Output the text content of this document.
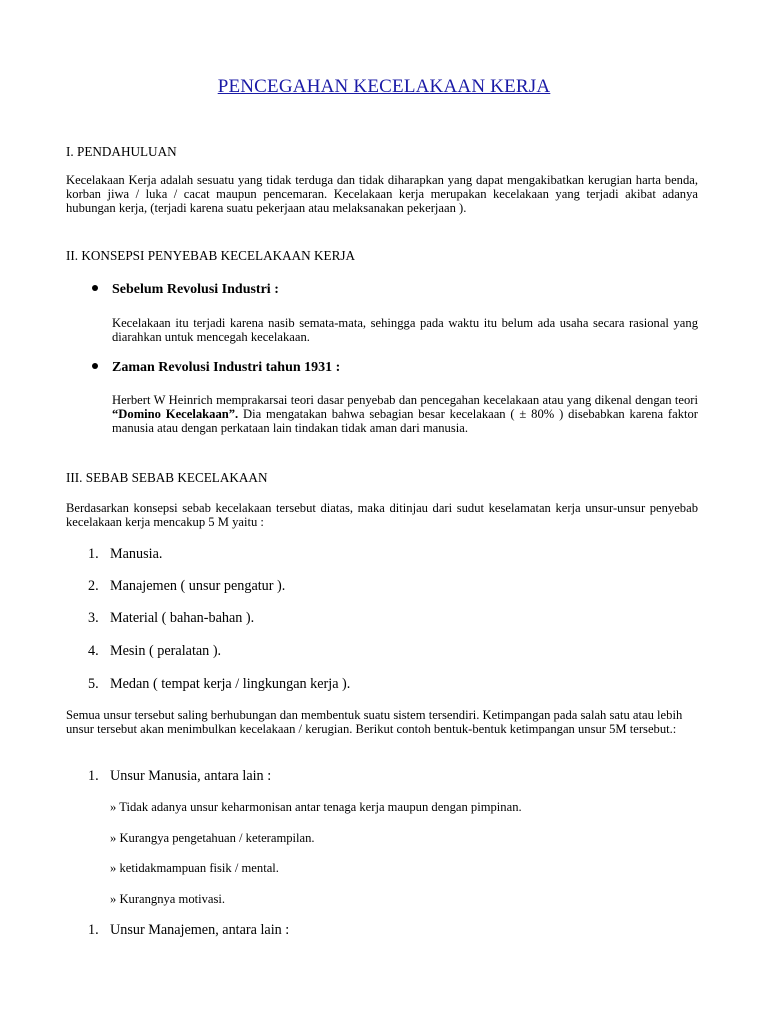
PENCEGAHAN KECELAKAAN KERJA
I. PENDAHULUAN

Kecelakaan Kerja adalah sesuatu yang tidak terduga dan tidak diharapkan yang dapat mengakibatkan kerugian harta benda, korban jiwa / luka / cacat maupun pencemaran. Kecelakaan kerja merupakan kecelakaan yang terjadi akibat adanya hubungan kerja, (terjadi karena suatu pekerjaan atau melaksanakan pekerjaan ).

II. KONSEPSI PENYEBAB KECELAKAAN KERJA
Sebelum Revolusi Industri :

Kecelakaan itu terjadi karena nasib semata-mata, sehingga pada waktu itu belum ada usaha secara rasional yang diarahkan untuk mencegah kecelakaan.

Zaman Revolusi Industri tahun 1931 :

Herbert W Heinrich memprakarsai teori dasar penyebab dan pencegahan kecelakaan atau yang dikenal dengan teori “Domino Kecelakaan”. Dia mengatakan bahwa sebagian besar kecelakaan ( ± 80% ) disebabkan karena faktor manusia atau dengan perkataan lain tindakan tidak aman dari manusia.

III. SEBAB SEBAB KECELAKAAN

Berdasarkan konsepsi sebab kecelakaan tersebut diatas, maka ditinjau dari sudut keselamatan kerja unsur-unsur penyebab kecelakaan kerja mencakup 5 M yaitu :

1. Manusia.
2. Manajemen ( unsur pengatur ).
3. Material ( bahan-bahan ).
4. Mesin ( peralatan ).
5. Medan ( tempat kerja / lingkungan kerja ).

Semua unsur tersebut saling berhubungan dan membentuk suatu sistem tersendiri. Ketimpangan pada salah satu atau lebih unsur tersebut akan menimbulkan kecelakaan / kerugian. Berikut contoh bentuk-bentuk ketimpangan unsur 5M tersebut.:

1. Unsur Manusia, antara lain :
» Tidak adanya unsur keharmonisan antar tenaga kerja maupun dengan pimpinan.
» Kurangya pengetahuan / keterampilan.
» ketidakmampuan fisik / mental.
» Kurangnya motivasi.
1. Unsur Manajemen, antara lain :
